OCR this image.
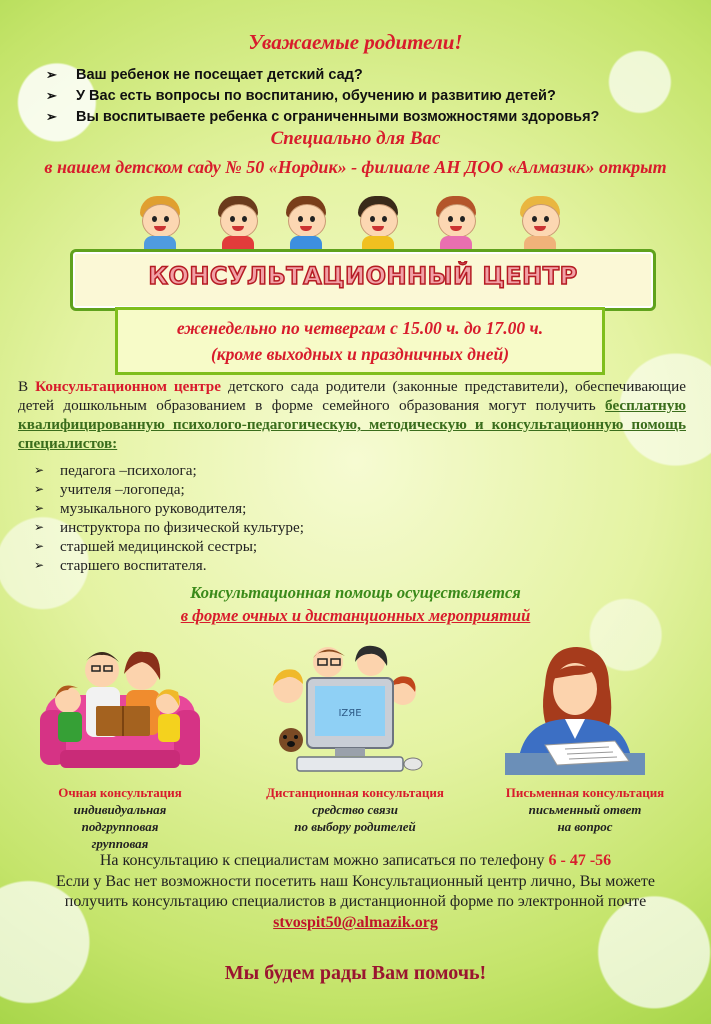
Уважаемые родители!
➢	Ваш ребенок не посещает детский сад?
➢	У Вас есть вопросы по воспитанию, обучению и развитию детей?
➢	Вы воспитываете ребенка с ограниченными возможностями здоровья?
Специально для Вас
в нашем детском саду № 50 «Нордик» - филиале АН ДОО «Алмазик» открыт
КОНСУЛЬТАЦИОННЫЙ ЦЕНТР
еженедельно по четвергам с 15.00 ч. до 17.00 ч.
(кроме выходных и праздничных дней)
В Консультационном центре детского сада родители (законные представители), обеспечивающие детей дошкольным образованием в форме семейного образования могут получить бесплатную квалифицированную психолого-педагогическую, методическую и консультационную помощь специалистов:
➢	педагога –психолога;
➢	учителя –логопеда;
➢	музыкального руководителя;
➢	инструктора по физической культуре;
➢	старшей медицинской сестры;
➢	старшего воспитателя.
Консультационная помощь осуществляется
в форме очных и дистанционных мероприятий
IZЯE
Очная консультация
индивидуальная
подгрупповая
групповая
Дистанционная консультация
средство связи
по выбору родителей
Письменная консультация
письменный ответ
на вопрос
На консультацию к специалистам можно записаться по телефону 6 - 47 -56
Если у Вас нет возможности посетить наш Консультационный центр лично, Вы можете
получить консультацию специалистов в дистанционной форме по электронной почте
stvospit50@almazik.org
Мы будем рады Вам помочь!
